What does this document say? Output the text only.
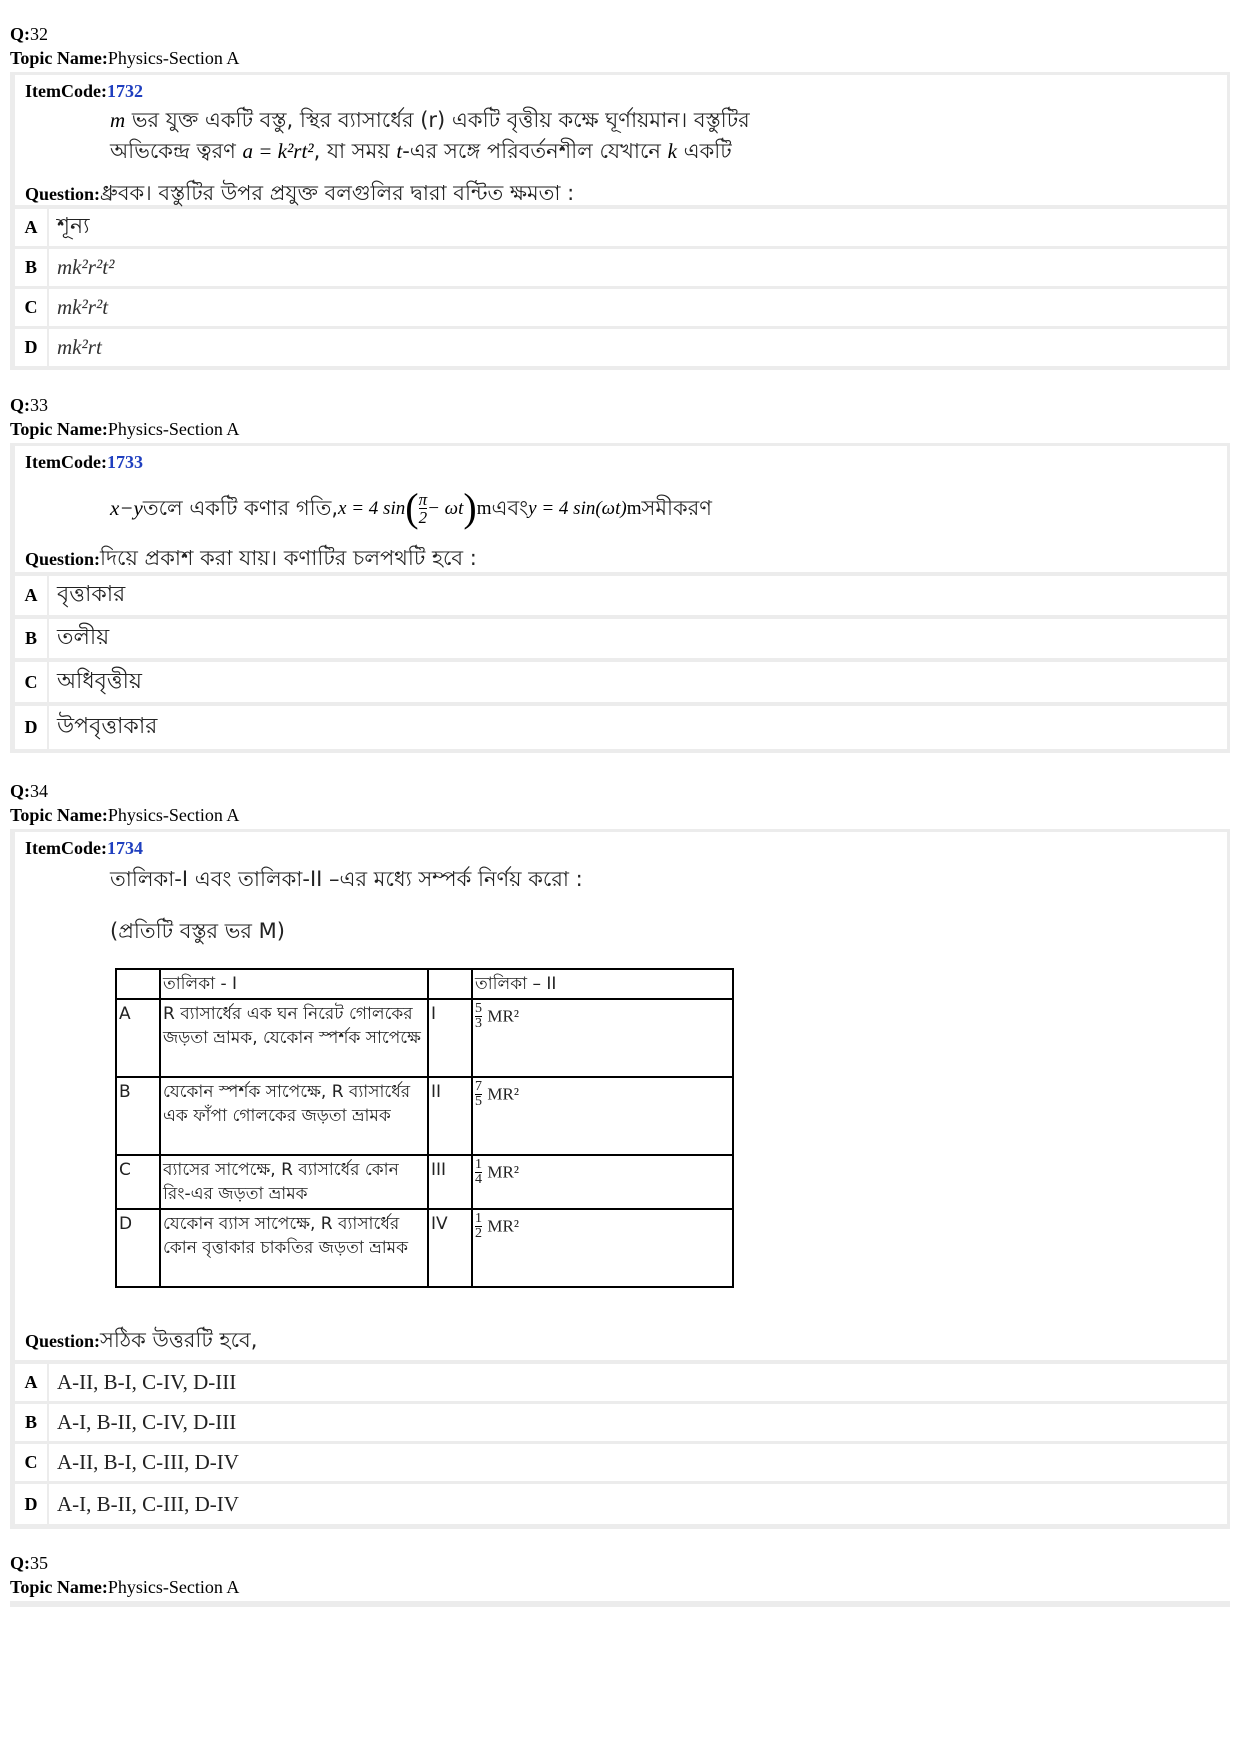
Q:32
Topic Name:Physics-Section A
ItemCode:1732
m ভর যুক্ত একটি বস্তু, স্থির ব্যাসার্ধের (r) একটি বৃত্তীয় কক্ষে ঘূর্ণায়মান। বস্তুটির
অভিকেন্দ্র ত্বরণ a = k²rt², যা সময় t-এর সঙ্গে পরিবর্তনশীল যেখানে k একটি
Question:ধ্রুবক। বস্তুটির উপর প্রযুক্ত বলগুলির দ্বারা বন্টিত ক্ষমতা :
A শূন্য
B mk²r²t²
C mk²r²t
D mk²rt
Q:33
Topic Name:Physics-Section A
ItemCode:1733
x−y তলে একটি কণার গতি, x = 4 sin ( $\frac{\pi}{2} - \omega t$ ) m এবং y = 4 sin(ωt) m সমীকরণ
Question:দিয়ে প্রকাশ করা যায়। কণাটির চলপথটি হবে :
A বৃত্তাকার
B তলীয়
C অধিবৃত্তীয়
D উপবৃত্তাকার
Q:34
Topic Name:Physics-Section A
ItemCode:1734
তালিকা-I এবং তালিকা-II –এর মধ্যে সম্পর্ক নির্ণয় করো :
(প্রতিটি বস্তুর ভর M)
	তালিকা - I		তালিকা – II
A	R ব্যাসার্ধের এক ঘন নিরেট গোলকের জড়তা ভ্রামক, যেকোন স্পর্শক সাপেক্ষে	I	$\frac{5}{3} MR^2$
B	যেকোন স্পর্শক সাপেক্ষে, R ব্যাসার্ধের এক ফাঁপা গোলকের জড়তা ভ্রামক	II	$\frac{7}{5} MR^2$
C	ব্যাসের সাপেক্ষে, R ব্যাসার্ধের কোন রিং-এর জড়তা ভ্রামক	III	$\frac{1}{4} MR^2$
D	যেকোন ব্যাস সাপেক্ষে, R ব্যাসার্ধের কোন বৃত্তাকার চাকতির জড়তা ভ্রামক	IV	$\frac{1}{2} MR^2$
Question:সঠিক উত্তরটি হবে,
A A-II, B-I, C-IV, D-III
B A-I, B-II, C-IV, D-III
C A-II, B-I, C-III, D-IV
D A-I, B-II, C-III, D-IV
Q:35
Topic Name:Physics-Section A
